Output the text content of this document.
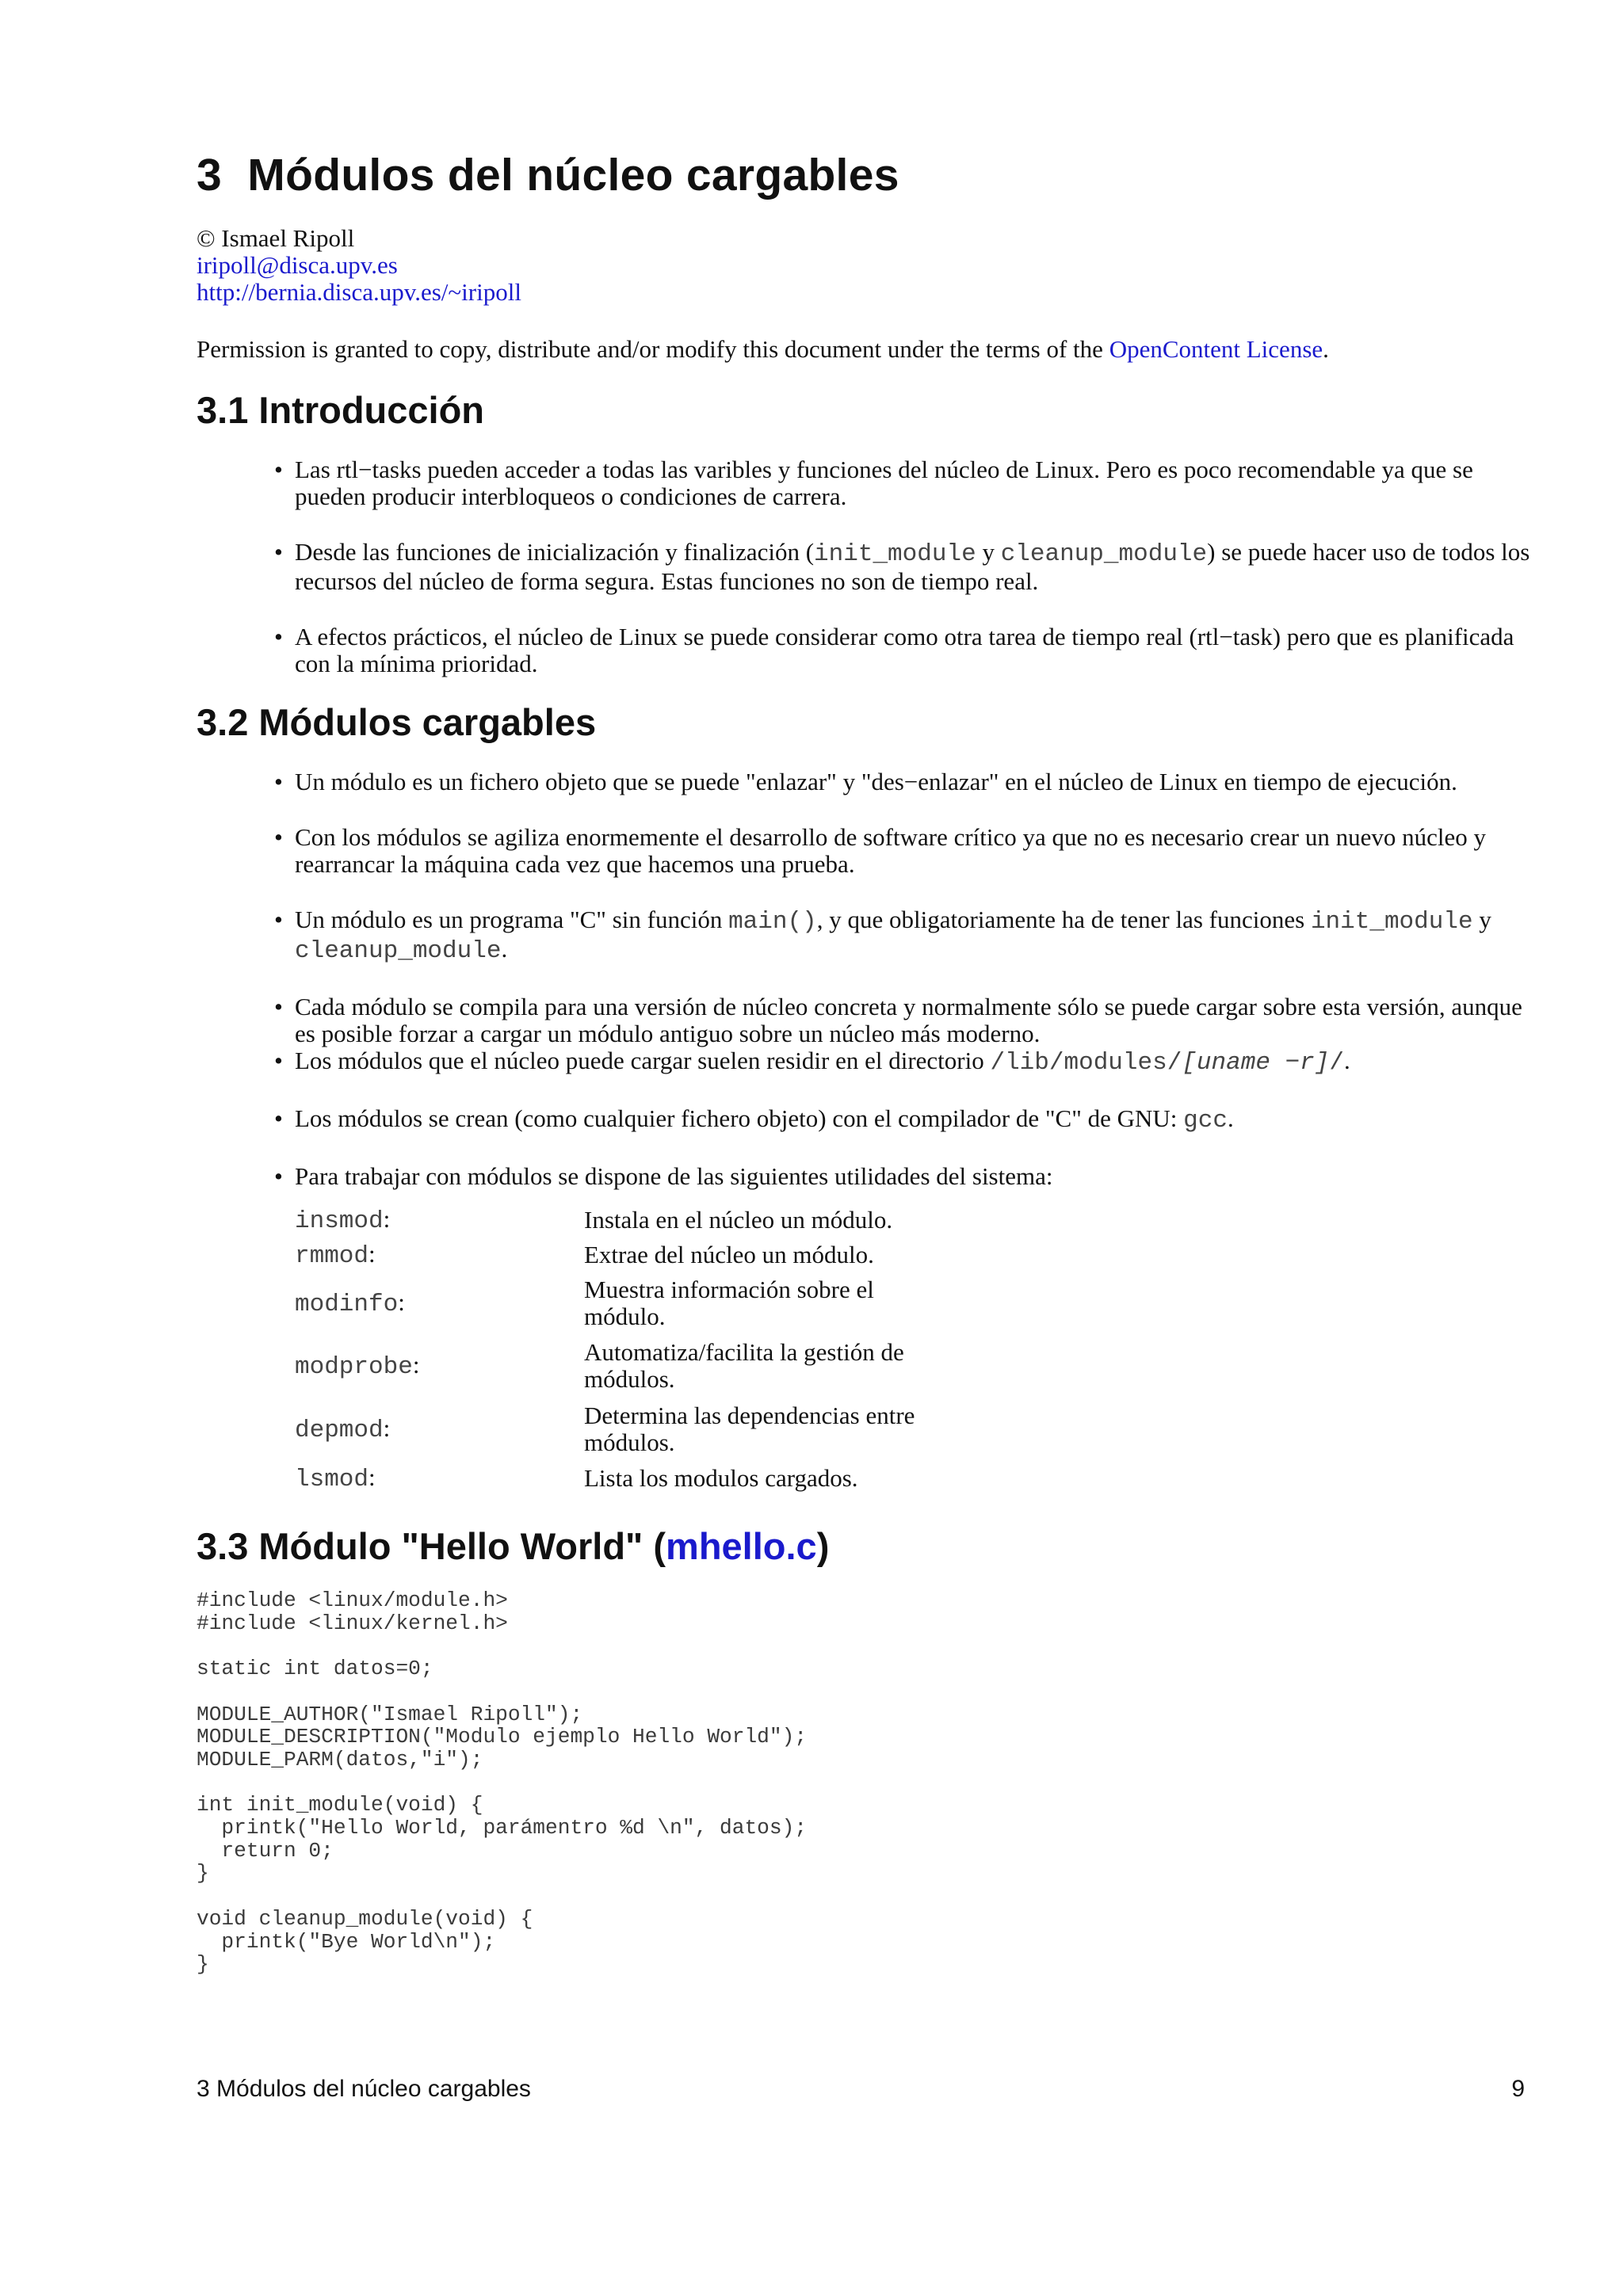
3 Módulos del núcleo cargables
© Ismael Ripoll
iripoll@disca.upv.es
http://bernia.disca.upv.es/~iripoll
Permission is granted to copy, distribute and/or modify this document under the terms of the OpenContent License.
3.1 Introducción
• Las rtl−tasks pueden acceder a todas las varibles y funciones del núcleo de Linux. Pero es poco recomendable ya que se pueden producir interbloqueos o condiciones de carrera.
• Desde las funciones de inicialización y finalización (init_module y cleanup_module) se puede hacer uso de todos los recursos del núcleo de forma segura. Estas funciones no son de tiempo real.
• A efectos prácticos, el núcleo de Linux se puede considerar como otra tarea de tiempo real (rtl−task) pero que es planificada con la mínima prioridad.
3.2 Módulos cargables
• Un módulo es un fichero objeto que se puede "enlazar" y "des−enlazar" en el núcleo de Linux en tiempo de ejecución.
• Con los módulos se agiliza enormemente el desarrollo de software crítico ya que no es necesario crear un nuevo núcleo y rearrancar la máquina cada vez que hacemos una prueba.
• Un módulo es un programa "C" sin función main(), y que obligatoriamente ha de tener las funciones init_module y cleanup_module.
• Cada módulo se compila para una versión de núcleo concreta y normalmente sólo se puede cargar sobre esta versión, aunque es posible forzar a cargar un módulo antiguo sobre un núcleo más moderno.
• Los módulos que el núcleo puede cargar suelen residir en el directorio /lib/modules/[uname −r]/.
• Los módulos se crean (como cualquier fichero objeto) con el compilador de "C" de GNU: gcc.
• Para trabajar con módulos se dispone de las siguientes utilidades del sistema:
insmod:	Instala en el núcleo un módulo.
rmmod:	Extrae del núcleo un módulo.
modinfo:	Muestra información sobre el módulo.
modprobe:	Automatiza/facilita la gestión de módulos.
depmod:	Determina las dependencias entre módulos.
lsmod:	Lista los modulos cargados.
3.3 Módulo "Hello World" (mhello.c)
#include <linux/module.h>
#include <linux/kernel.h>

static int datos=0;

MODULE_AUTHOR("Ismael Ripoll");
MODULE_DESCRIPTION("Modulo ejemplo Hello World");
MODULE_PARM(datos,"i");

int init_module(void) {
printk("Hello World, parámentro %d \n", datos);
return 0;
}

void cleanup_module(void) {
printk("Bye World\n");
}
3 Módulos del núcleo cargables	9
